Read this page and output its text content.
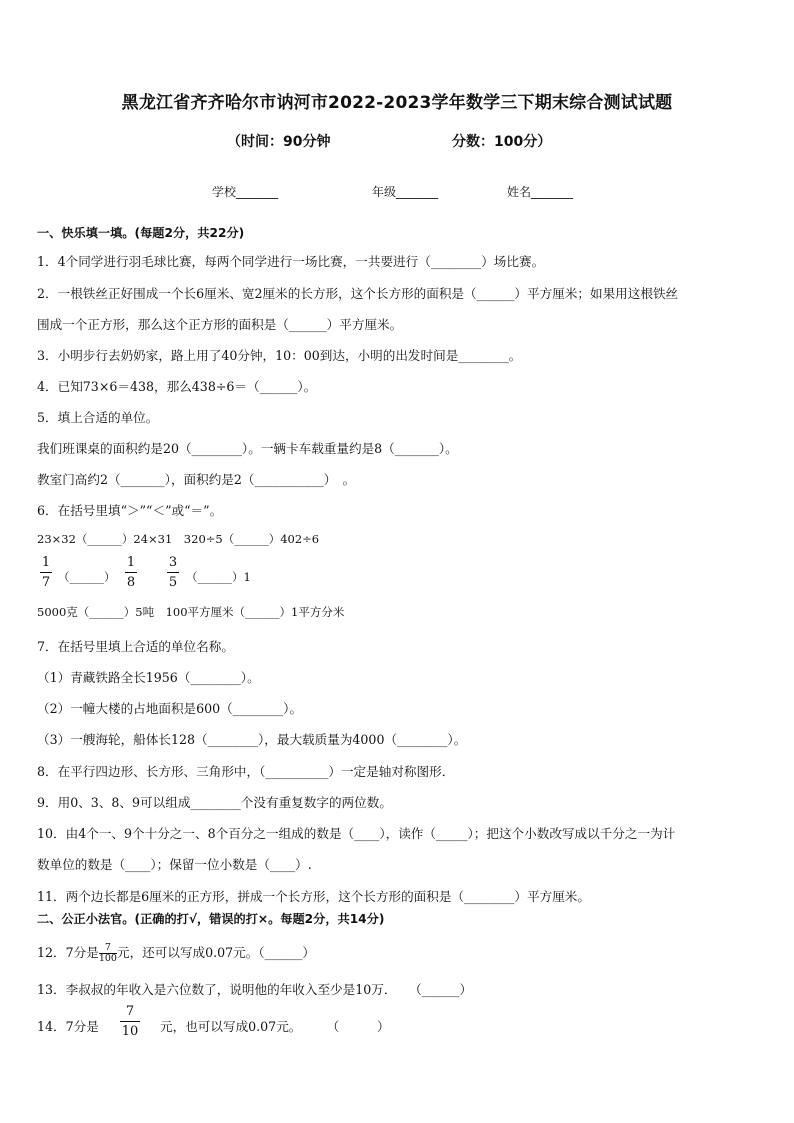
黑龙江省齐齐哈尔市讷河市2022-2023学年数学三下期末综合测试试题
（时间：90分钟	分数：100分）
学校_______	年级_______	姓名_______
一、快乐填一填。(每题2分，共22分)
1．4个同学进行羽毛球比赛，每两个同学进行一场比赛，一共要进行（________）场比赛。
2．一根铁丝正好围成一个长6厘米、宽2厘米的长方形，这个长方形的面积是（______）平方厘米；如果用这根铁丝
围成一个正方形，那么这个正方形的面积是（______）平方厘米。
3．小明步行去奶奶家，路上用了40分钟，10：00到达，小明的出发时间是________。
4．已知73×6＝438，那么438÷6＝（______）。
5．填上合适的单位。
我们班课桌的面积约是20（________）。一辆卡车载重量约是8（_______）。
教室门高约2（_______），面积约是2（___________）　。
6．在括号里填“＞”“＜”或“＝”。
23×32（______）24×31　320÷5（______）402÷6
1
7 （______）
1
8
3
5 （______）1
5000克（______）5吨　100平方厘米（______）1平方分米
7．在括号里填上合适的单位名称。
（1）青藏铁路全长1956（________）。
（2）一幢大楼的占地面积是600（________）。
（3）一艘海轮，船体长128（________），最大载质量为4000（________）。
8．在平行四边形、长方形、三角形中，（__________）一定是轴对称图形．
9．用0、3、8、9可以组成________个没有重复数字的两位数。
10．由4个一、9个十分之一、8个百分之一组成的数是（____），读作（_____）；把这个小数改写成以千分之一为计
数单位的数是（____）；保留一位小数是（____）.
11．两个边长都是6厘米的正方形，拼成一个长方形，这个长方形的面积是（________）平方厘米。
二、公正小法官。(正确的打√，错误的打×。每题2分，共14分)
12．7分是 $\frac{7}{100}$ 元，还可以写成0.07元。（______）
13．李叔叔的年收入是六位数了，说明他的年收入至少是10万．　　（______）
14．7分是
7
10 元，也可以写成0.07元。　　　（　　　）
